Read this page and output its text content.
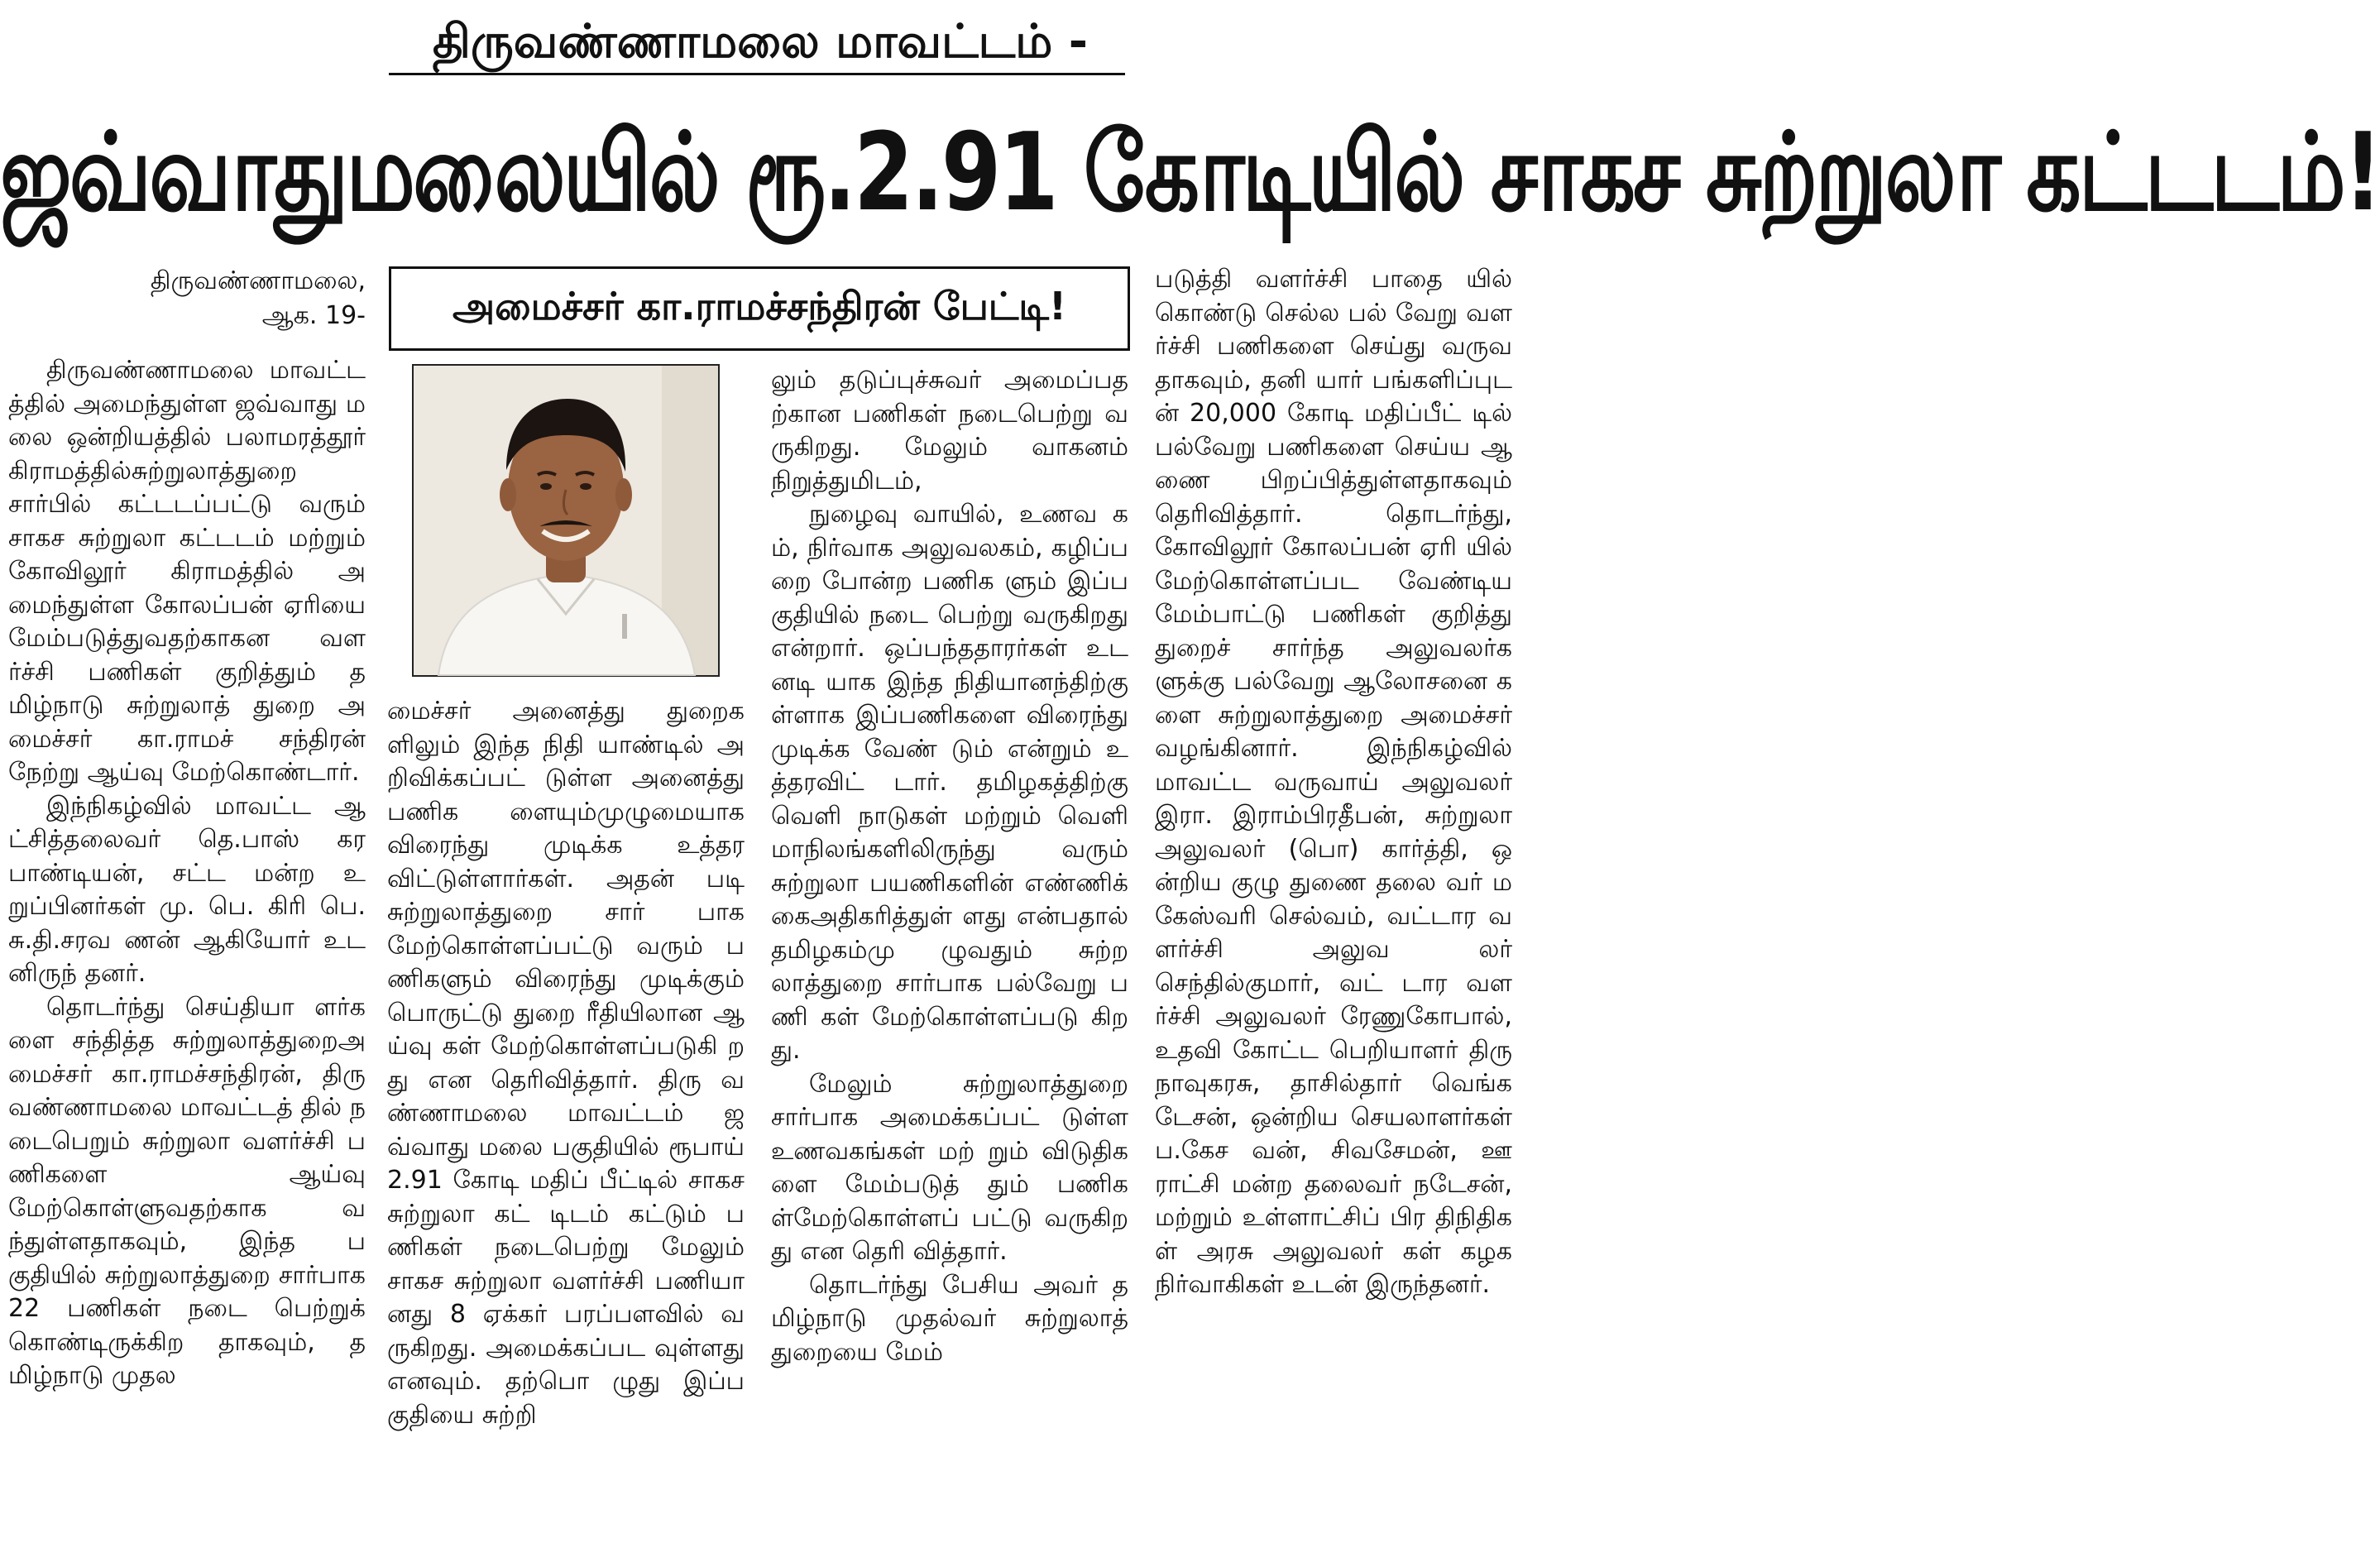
திருவண்ணாமலை மாவட்டம் -
ஜவ்வாதுமலையில் ரூ.2.91 கோடியில் சாகச சுற்றுலா கட்டடம்!
திருவண்ணாமலை,
ஆக. 19- அமைச்சர் கா.ராமச்சந்திரன் பேட்டி!

திருவண்ணாமலை மாவட்டத்தில் அமைந்துள்ள ஜவ்வாது மலை ஒன்றியத்தில் பலாமரத்தூர் கிராமத்தில்சுற்றுலாத்துறை சார்பில் கட்டடப்பட்டு வரும் சாகச சுற்றுலா கட்டடம் மற்றும் கோவிலூர் கிராமத்தில் அமைந்துள்ள கோலப்பன் ஏரியை மேம்படுத்துவதற்காகன வளர்ச்சி பணிகள் குறித்தும் தமிழ்நாடு சுற்றுலாத் துறை அமைச்சர் கா.ராமச் சந்திரன் நேற்று ஆய்வு மேற்கொண்டார்.

இந்நிகழ்வில் மாவட்ட ஆட்சித்தலைவர் தெ.பாஸ் கரபாண்டியன், சட்ட மன்ற உறுப்பினர்கள் மு. பெ. கிரி பெ.சு.தி.சரவ ணன் ஆகியோர் உடனிருந் தனர்.

தொடர்ந்து செய்தியா ளர்களை சந்தித்த சுற்றுலாத்துறைஅமைச்சர் கா.ராமச்சந்திரன், திரு வண்ணாமலை மாவட்டத் தில் நடைபெறும் சுற்றுலா வளர்ச்சி பணிகளை ஆய்வு மேற்கொள்ளுவதற்காக வந்துள்ளதாகவும், இந்த பகுதியில் சுற்றுலாத்துறை சார்பாக 22 பணிகள் நடை பெற்றுக் கொண்டிருக்கிற தாகவும், தமிழ்நாடு முதல

மைச்சர் அனைத்து துறைகளிலும் இந்த நிதி யாண்டில் அறிவிக்கப்பட் டுள்ள அனைத்து பணிக ளையும்முழுமையாக விரைந்து முடிக்க உத்தர விட்டுள்ளார்கள். அதன் படி சுற்றுலாத்துறை சார் பாகமேற்கொள்ளப்பட்டு வரும் பணிகளும் விரைந்து முடிக்கும் பொருட்டு துறை ரீதியிலான ஆய்வு கள் மேற்கொள்ளப்படுகி றது என தெரிவித்தார். திரு வண்ணாமலை மாவட்டம் ஜவ்வாது மலை பகுதியில் ரூபாய் 2.91 கோடி மதிப் பீட்டில் சாகச சுற்றுலா கட் டிடம் கட்டும் பணிகள் நடைபெற்று மேலும் சாகச சுற்றுலா வளர்ச்சி பணியா னது 8 ஏக்கர் பரப்பளவில் வருகிறது. அமைக்கப்பட வுள்ளது எனவும். தற்பொ ழுது இப்பகுதியை சுற்றி

லும் தடுப்புச்சுவர் அமைப்பதற்கான பணிகள் நடைபெற்று வருகிறது. மேலும் வாகனம் நிறுத்துமிடம்,

நுழைவு வாயில், உணவ கம், நிர்வாக அலுவலகம், கழிப்பறை போன்ற பணிக ளும் இப்பகுதியில் நடை பெற்று வருகிறது என்றார். ஒப்பந்ததாரர்கள் உடனடி யாக இந்த நிதியானந்திற்கு ள்ளாக இப்பணிகளை விரைந்து முடிக்க வேண் டும் என்றும் உத்தரவிட் டார். தமிழகத்திற்கு வெளி நாடுகள் மற்றும் வெளி மாநிலங்களிலிருந்து வரும் சுற்றுலா பயணிகளின் எண்ணிக் கைஅதிகரித்துள் ளது என்பதால் தமிழகம்மு ழுவதும் சுற்றலாத்துறை சார்பாக பல்வேறு பணி கள் மேற்கொள்ளப்படு கிறது.

மேலும் சுற்றுலாத்துறை சார்பாக அமைக்கப்பட் டுள்ள உணவகங்கள் மற் றும் விடுதிகளை மேம்படுத் தும் பணிகள்மேற்கொள்ளப் பட்டு வருகிறது என தெரி வித்தார்.

தொடர்ந்து பேசிய அவர் தமிழ்நாடு முதல்வர் சுற்றுலாத் துறையை மேம்

படுத்தி வளர்ச்சி பாதை யில் கொண்டு செல்ல பல் வேறு வளர்ச்சி பணிகளை செய்து வருவதாகவும், தனி யார் பங்களிப்புடன் 20,000 கோடி மதிப்பீட் டில் பல்வேறு பணிகளை செய்ய ஆணை பிறப்பித்துள்ளதாகவும் தெரிவித்தார். தொடர்ந்து, கோவிலூர் கோலப்பன் ஏரி யில் மேற்கொள்ளப்பட வேண்டிய மேம்பாட்டு பணிகள் குறித்து துறைச் சார்ந்த அலுவலர்களுக்கு பல்வேறு ஆலோசனை களை சுற்றுலாத்துறை அமைச்சர் வழங்கினார். இந்நிகழ்வில் மாவட்ட வருவாய் அலுவலர் இரா. இராம்பிரதீபன், சுற்றுலா அலுவலர் (பொ) கார்த்தி, ஒன்றிய குழு துணை தலை வர் மகேஸ்வரி செல்வம், வட்டார வளர்ச்சி அலுவ லர் செந்தில்குமார், வட் டார வளர்ச்சி அலுவலர் ரேணுகோபால், உதவி கோட்ட பெறியாளர் திரு நாவுகரசு, தாசில்தார் வெங்கடேசன், ஒன்றிய செயலாளர்கள் ப.கேச வன், சிவசேமன், ஊராட்சி மன்ற தலைவர் நடேசன், மற்றும் உள்ளாட்சிப் பிர திநிதிகள் அரசு அலுவலர் கள் கழக நிர்வாகிகள் உடன் இருந்தனர்.
